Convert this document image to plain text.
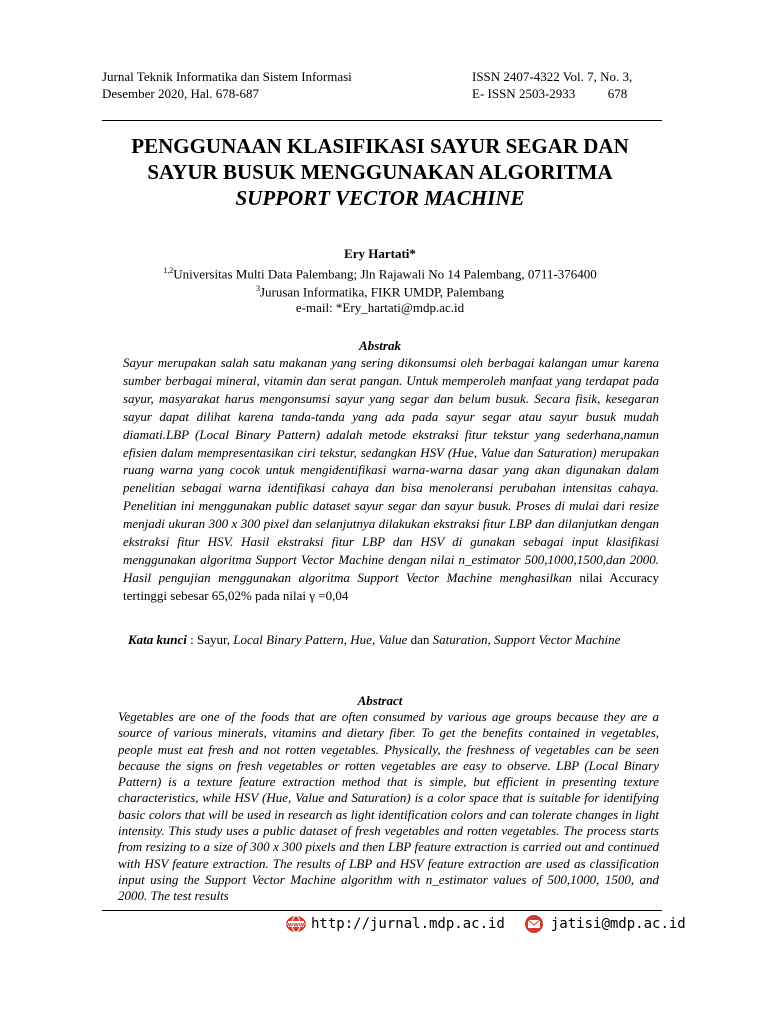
Jurnal Teknik Informatika dan Sistem Informasi	ISSN 2407-4322 Vol. 7, No. 3,
Desember 2020, Hal. 678-687	E- ISSN 2503-2933	678
PENGGUNAAN KLASIFIKASI SAYUR SEGAR DAN
SAYUR BUSUK MENGGUNAKAN ALGORITMA
SUPPORT VECTOR MACHINE
Ery Hartati*
$^{1,2}$Universitas Multi Data Palembang; Jln Rajawali No 14 Palembang, 0711-376400
$^3$Jurusan Informatika, FIKR UMDP, Palembang
e-mail: *Ery_hartati@mdp.ac.id
Abstrak
Sayur merupakan salah satu makanan yang sering dikonsumsi oleh berbagai kalangan umur karena sumber berbagai mineral, vitamin dan serat pangan. Untuk memperoleh manfaat yang terdapat pada sayur, masyarakat harus mengonsumsi sayur yang segar dan belum busuk. Secara fisik, kesegaran sayur dapat dilihat karena tanda-tanda yang ada pada sayur segar atau sayur busuk mudah diamati.LBP (Local Binary Pattern) adalah metode ekstraksi fitur tekstur yang sederhana,namun efisien dalam mempresentasikan ciri tekstur, sedangkan HSV (Hue, Value dan Saturation) merupakan ruang warna yang cocok untuk mengidentifikasi warna-warna dasar yang akan digunakan dalam penelitian sebagai warna identifikasi cahaya dan bisa menoleransi perubahan intensitas cahaya. Penelitian ini menggunakan public dataset sayur segar dan sayur busuk. Proses di mulai dari resize menjadi ukuran 300 x 300 pixel dan selanjutnya dilakukan ekstraksi fitur LBP dan dilanjutkan dengan ekstraksi fitur HSV. Hasil ekstraksi fitur LBP dan HSV di gunakan sebagai input klasifikasi menggunakan algoritma Support Vector Machine dengan nilai n_estimator 500,1000,1500,dan 2000. Hasil pengujian menggunakan algoritma Support Vector Machine menghasilkan nilai Accuracy tertinggi sebesar 65,02% pada nilai γ =0,04
Kata kunci : Sayur, Local Binary Pattern, Hue, Value dan Saturation, Support Vector Machine
Abstract
Vegetables are one of the foods that are often consumed by various age groups because they are a source of various minerals, vitamins and dietary fiber. To get the benefits contained in vegetables, people must eat fresh and not rotten vegetables. Physically, the freshness of vegetables can be seen because the signs on fresh vegetables or rotten vegetables are easy to observe. LBP (Local Binary Pattern) is a texture feature extraction method that is simple, but efficient in presenting texture characteristics, while HSV (Hue, Value and Saturation) is a color space that is suitable for identifying basic colors that will be used in research as light identification colors and can tolerate changes in light intensity. This study uses a public dataset of fresh vegetables and rotten vegetables. The process starts from resizing to a size of 300 x 300 pixels and then LBP feature extraction is carried out and continued with HSV feature extraction. The results of LBP and HSV feature extraction are used as classification input using the Support Vector Machine algorithm with n_estimator values of 500,1000, 1500, and 2000. The test results
www http://jurnal.mdp.ac.id	jatisi@mdp.ac.id
